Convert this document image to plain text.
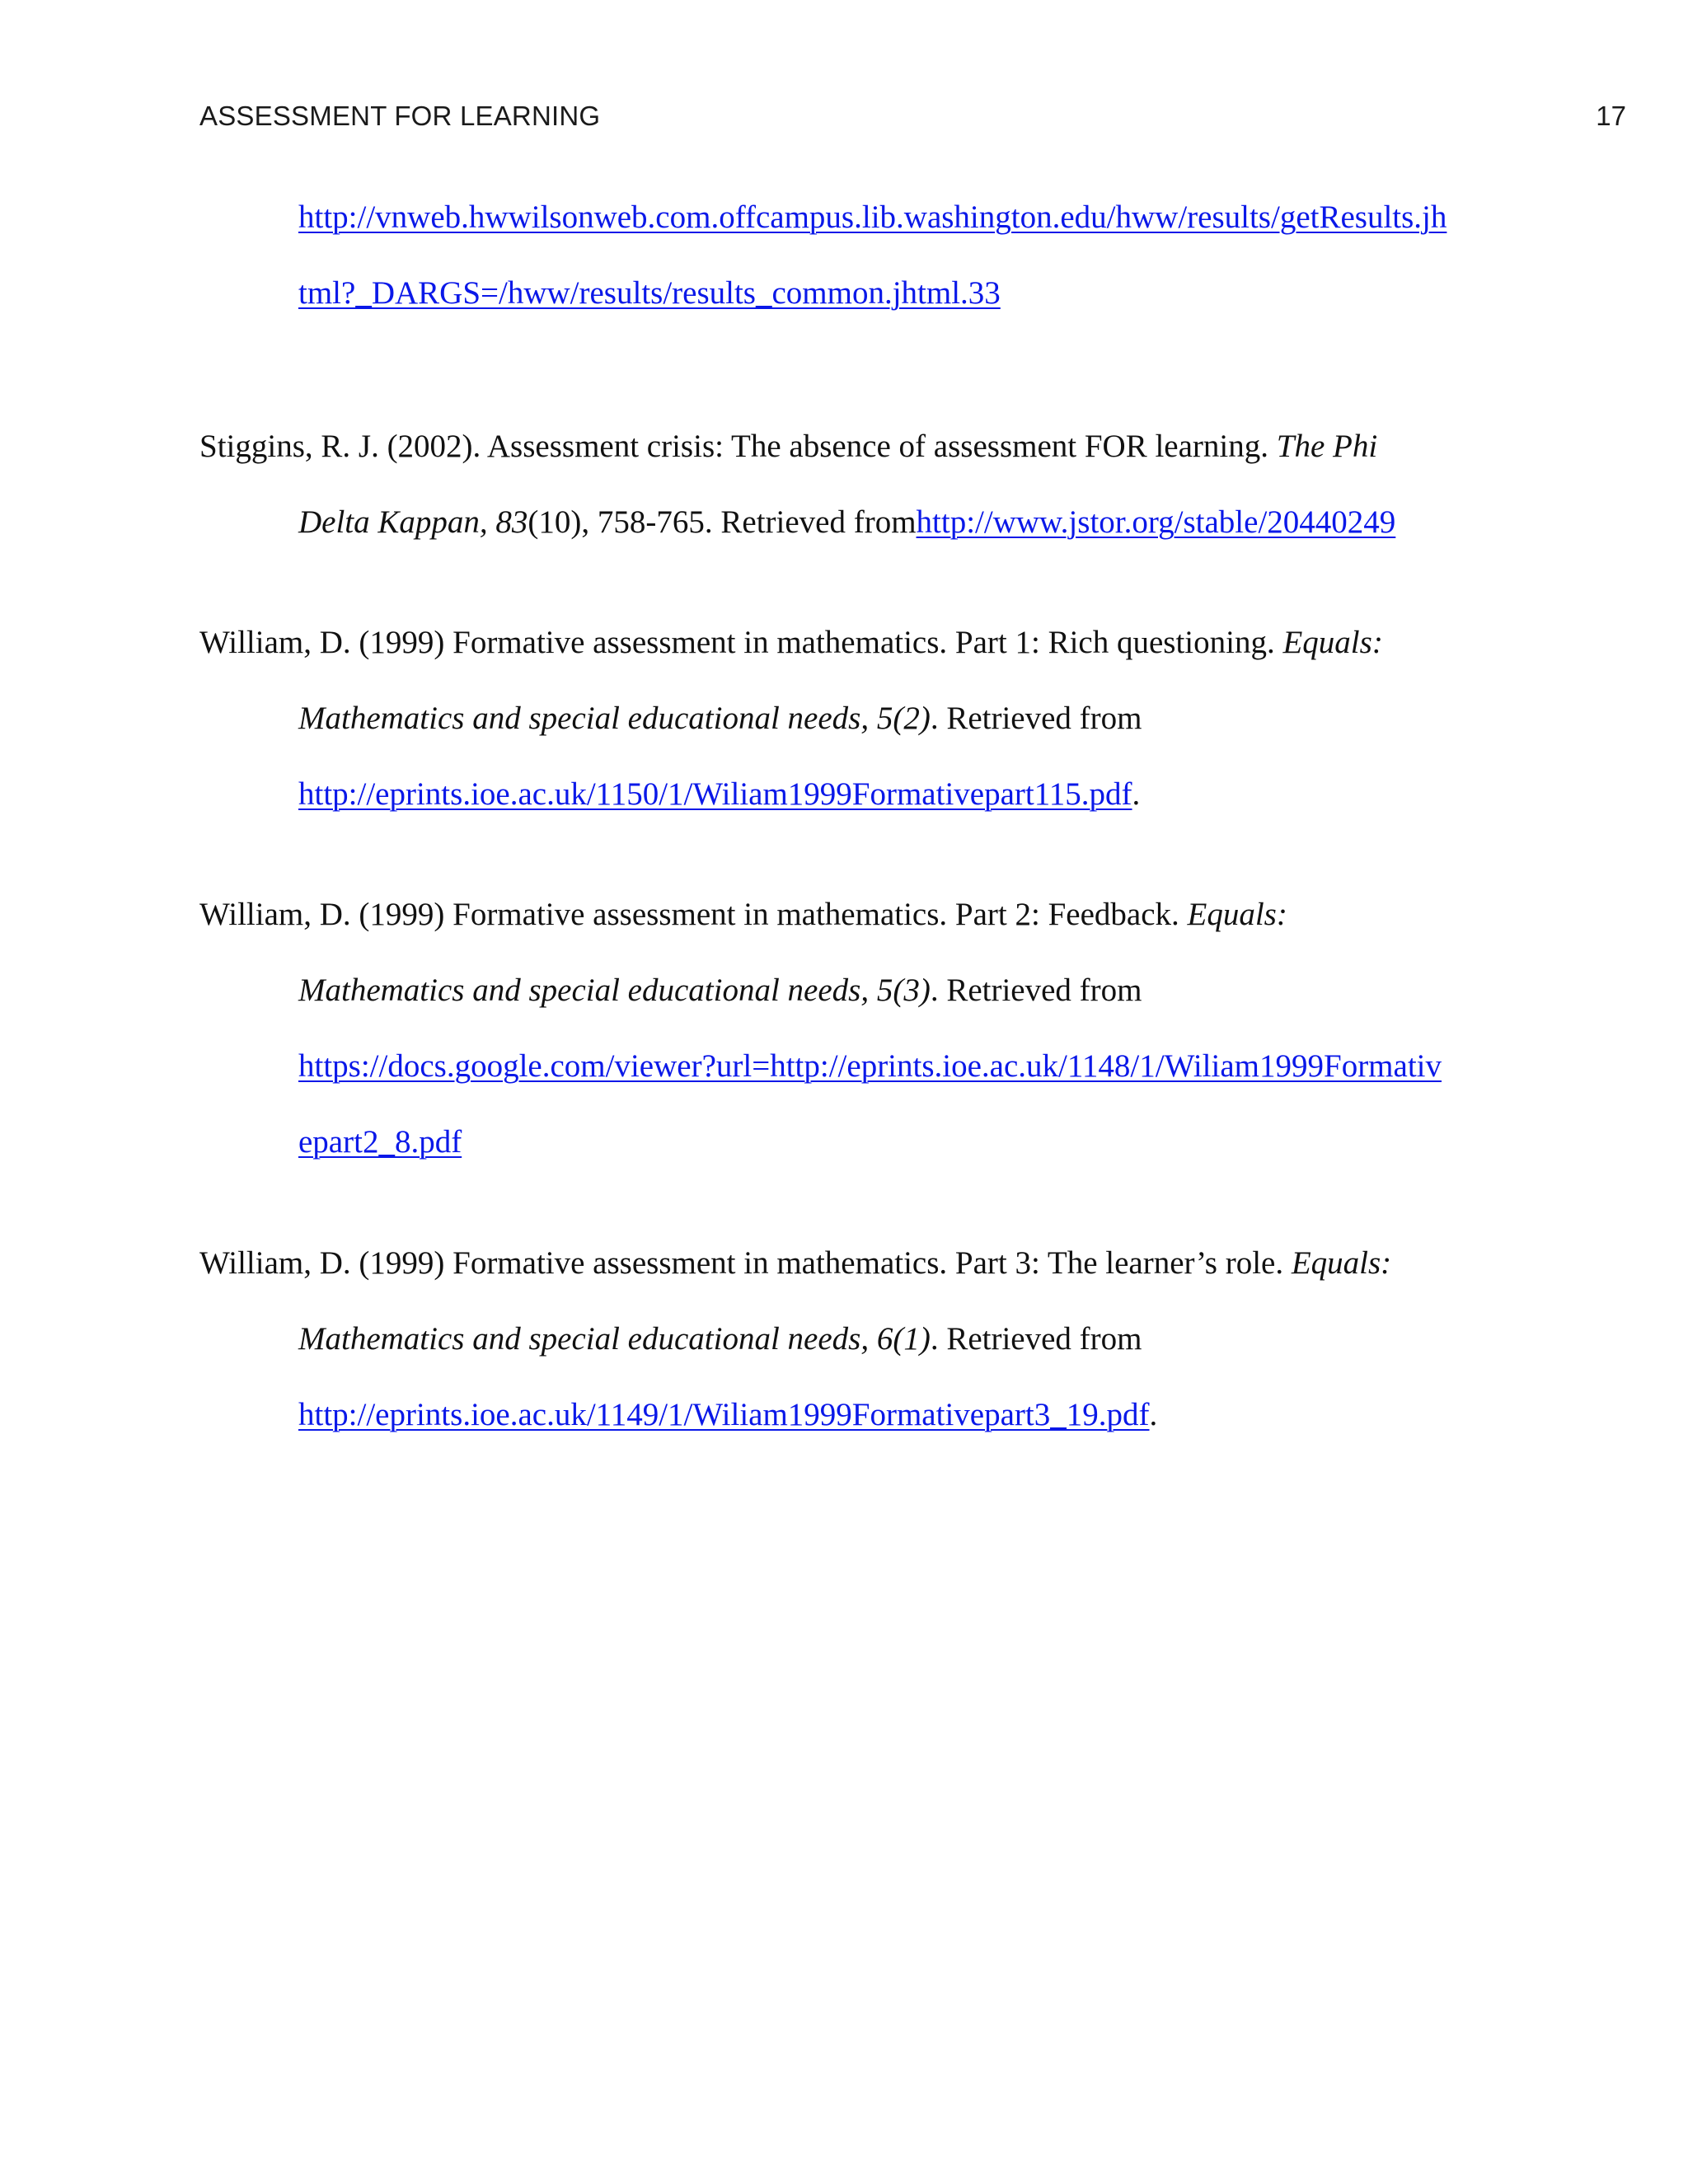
ASSESSMENT FOR LEARNING	17
http://vnweb.hwwilsonweb.com.offcampus.lib.washington.edu/hww/results/getResults.jh
tml?_DARGS=/hww/results/results_common.jhtml.33
Stiggins, R. J. (2002). Assessment crisis: The absence of assessment FOR learning. The Phi
Delta Kappan, 83(10), 758-765. Retrieved fromhttp://www.jstor.org/stable/20440249
William, D. (1999) Formative assessment in mathematics. Part 1: Rich questioning. Equals:
Mathematics and special educational needs, 5(2). Retrieved from
http://eprints.ioe.ac.uk/1150/1/Wiliam1999Formativepart115.pdf.
William, D. (1999) Formative assessment in mathematics. Part 2: Feedback. Equals:
Mathematics and special educational needs, 5(3). Retrieved from
https://docs.google.com/viewer?url=http://eprints.ioe.ac.uk/1148/1/Wiliam1999Formativ
epart2_8.pdf
William, D. (1999) Formative assessment in mathematics. Part 3: The learner’s role. Equals:
Mathematics and special educational needs, 6(1). Retrieved from
http://eprints.ioe.ac.uk/1149/1/Wiliam1999Formativepart3_19.pdf.
